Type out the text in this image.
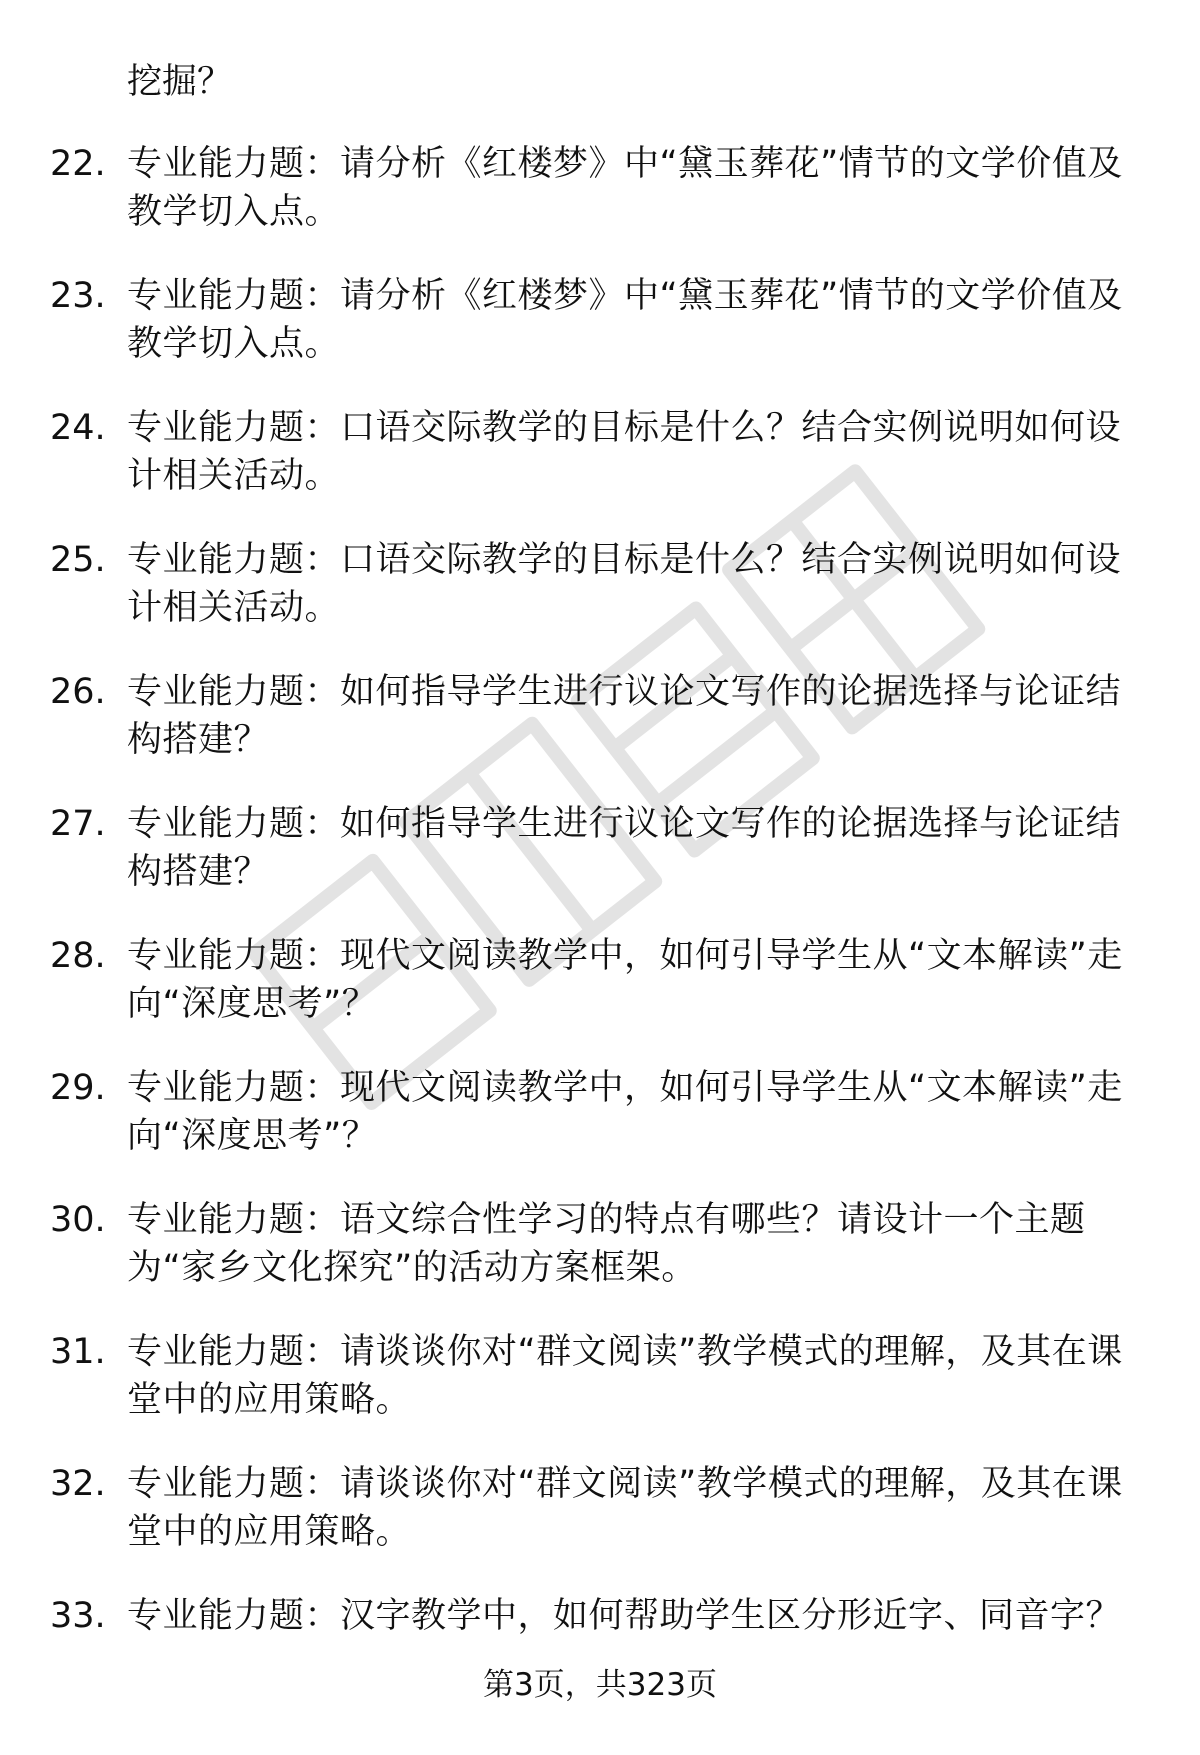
挖掘？

22. 专业能力题：请分析《红楼梦》中“黛玉葬花”情节的文学价值及教学切入点。
23. 专业能力题：请分析《红楼梦》中“黛玉葬花”情节的文学价值及教学切入点。
24. 专业能力题：口语交际教学的目标是什么？结合实例说明如何设计相关活动。
25. 专业能力题：口语交际教学的目标是什么？结合实例说明如何设计相关活动。
26. 专业能力题：如何指导学生进行议论文写作的论据选择与论证结构搭建？
27. 专业能力题：如何指导学生进行议论文写作的论据选择与论证结构搭建？
28. 专业能力题：现代文阅读教学中，如何引导学生从“文本解读”走向“深度思考”？
29. 专业能力题：现代文阅读教学中，如何引导学生从“文本解读”走向“深度思考”？
30. 专业能力题：语文综合性学习的特点有哪些？请设计一个主题为“家乡文化探究”的活动方案框架。
31. 专业能力题：请谈谈你对“群文阅读”教学模式的理解，及其在课堂中的应用策略。
32. 专业能力题：请谈谈你对“群文阅读”教学模式的理解，及其在课堂中的应用策略。
33. 专业能力题：汉字教学中，如何帮助学生区分形近字、同音字？
第3页，共323页
